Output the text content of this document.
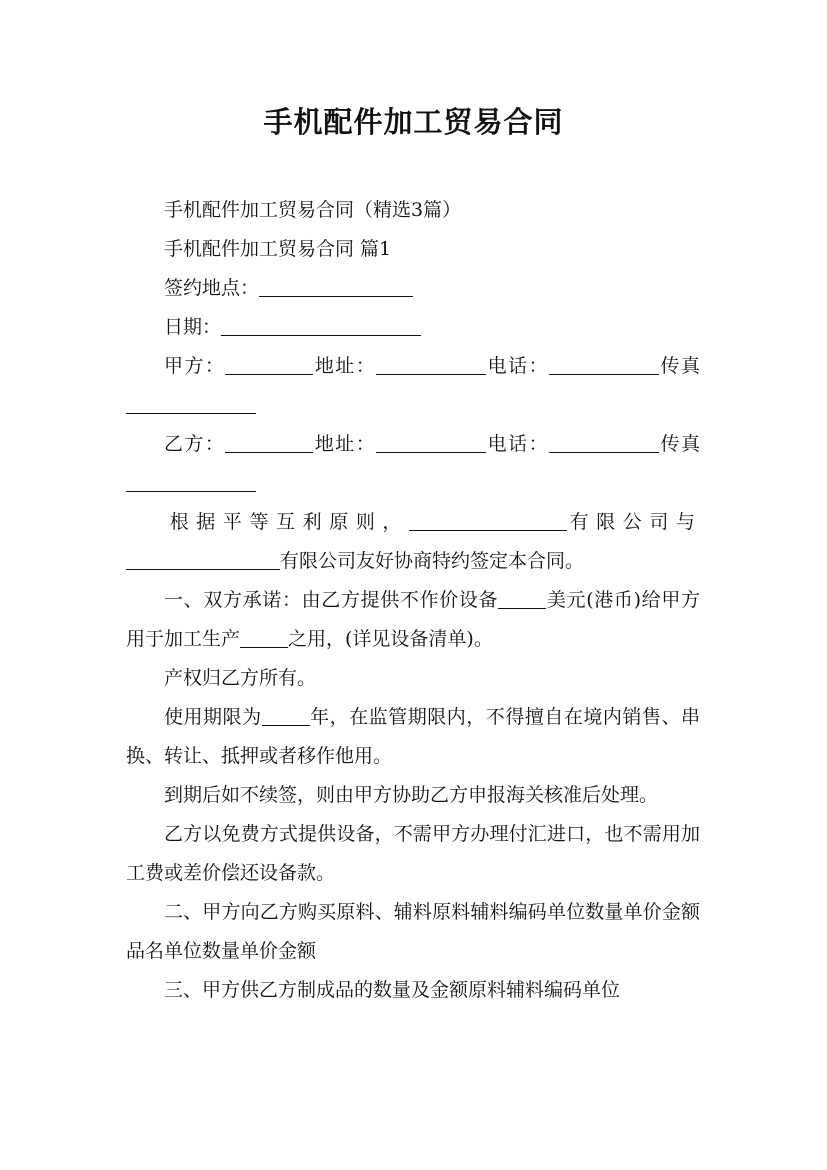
手机配件加工贸易合同

手机配件加工贸易合同（精选3篇）

手机配件加工贸易合同 篇1

签约地点：

日期：

甲方：	地址：	电话：	传真

乙方：	地址：	电话：	传真

根据平等互利原则，	有限公司与有限公司友好协商特约签定本合同。

一、双方承诺：由乙方提供不作价设备	美元(港币)给甲方用于加工生产	之用，(详见设备清单)。

产权归乙方所有。

使用期限为	年，在监管期限内，不得擅自在境内销售、串换、转让、抵押或者移作他用。

到期后如不续签，则由甲方协助乙方申报海关核准后处理。

乙方以免费方式提供设备，不需甲方办理付汇进口，也不需用加工费或差价偿还设备款。

二、甲方向乙方购买原料、辅料原料辅料编码单位数量单价金额品名单位数量单价金额

三、甲方供乙方制成品的数量及金额原料辅料编码单位
